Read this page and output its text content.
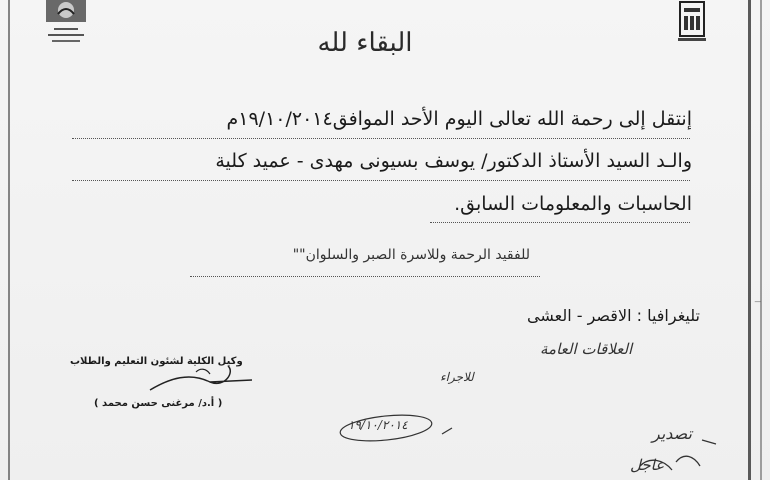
البقاء لله
إنتقل إلى رحمة الله تعالى اليوم الأحد الموافق١٩/١٠/٢٠١٤م
والـد السيد الأستاذ الدكتور/ يوسف بسيونى مهدى - عميد كلية
الحاسبات والمعلومات السابق.
للفقيد الرحمة وللاسرة الصبر والسلوان""
تليغرافيا : الاقصر - العشى
وكيل الكلية لشئون التعليم والطلاب
( أ.د/ مرغنى حسن محمد )
العلاقات العامة
للاجراء
١٩/١٠/٢٠١٤	تصدير
عاجل
|
